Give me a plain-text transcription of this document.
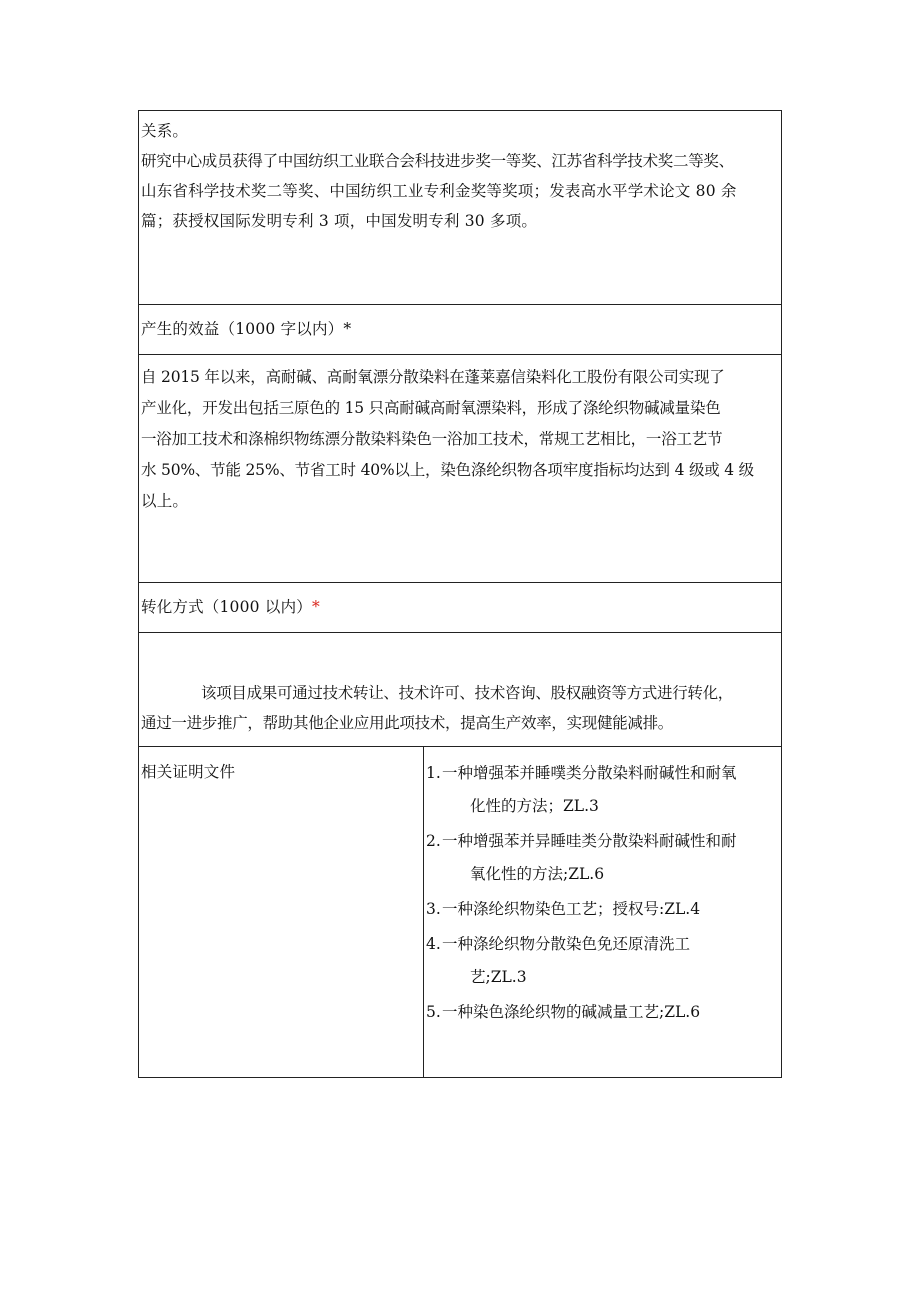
关系。

研究中心成员获得了中国纺织工业联合会科技进步奖一等奖、江苏省科学技术奖二等奖、

山东省科学技术奖二等奖、中国纺织工业专利金奖等奖项；发表高水平学术论文 80 余

篇；获授权国际发明专利 3 项，中国发明专利 30 多项。

产生的效益（1000 字以内）*

自 2015 年以来，高耐碱、高耐氧漂分散染料在蓬莱嘉信染料化工股份有限公司实现了

产业化，开发出包括三原色的 15 只高耐碱高耐氧漂染料，形成了涤纶织物碱减量染色

一浴加工技术和涤棉织物练漂分散染料染色一浴加工技术，常规工艺相比，一浴工艺节

水 50%、节能 25%、节省工时 40%以上，染色涤纶织物各项牢度指标均达到 4 级或 4 级

以上。

转化方式（1000 以内）*

该项目成果可通过技术转让、技术许可、技术咨询、股权融资等方式进行转化，

通过一进步推广，帮助其他企业应用此项技术，提高生产效率，实现健能减排。

相关证明文件	1. 一种增强苯并睡噗类分散染料耐碱性和耐氧
化性的方法；ZL.3
2. 一种增强苯并异睡哇类分散染料耐碱性和耐
氧化性的方法;ZL.6
3. 一种涤纶织物染色工艺；授权号:ZL.4
4. 一种涤纶织物分散染色免还原清洗工
艺;ZL.3
5. 一种染色涤纶织物的碱减量工艺;ZL.6
